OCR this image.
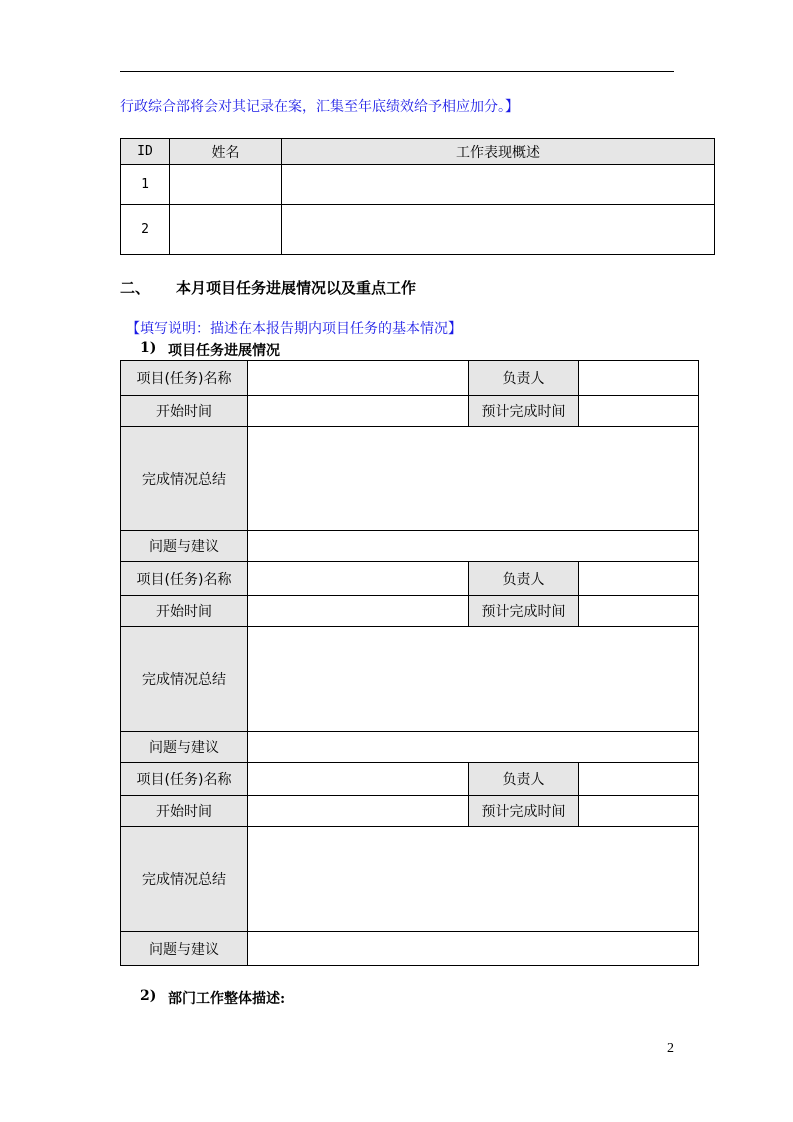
行政综合部将会对其记录在案，汇集至年底绩效给予相应加分。】
ID	姓名	工作表现概述
1		
2		
二、 本月项目任务进展情况以及重点工作
【填写说明：描述在本报告期内项目任务的基本情况】
1) 项目任务进展情况
项目(任务)名称		负责人	
开始时间		预计完成时间	
完成情况总结			
问题与建议			
项目(任务)名称		负责人	
开始时间		预计完成时间	
完成情况总结			
问题与建议			
项目(任务)名称		负责人	
开始时间		预计完成时间	
完成情况总结			
问题与建议			
2) 部门工作整体描述:
2
